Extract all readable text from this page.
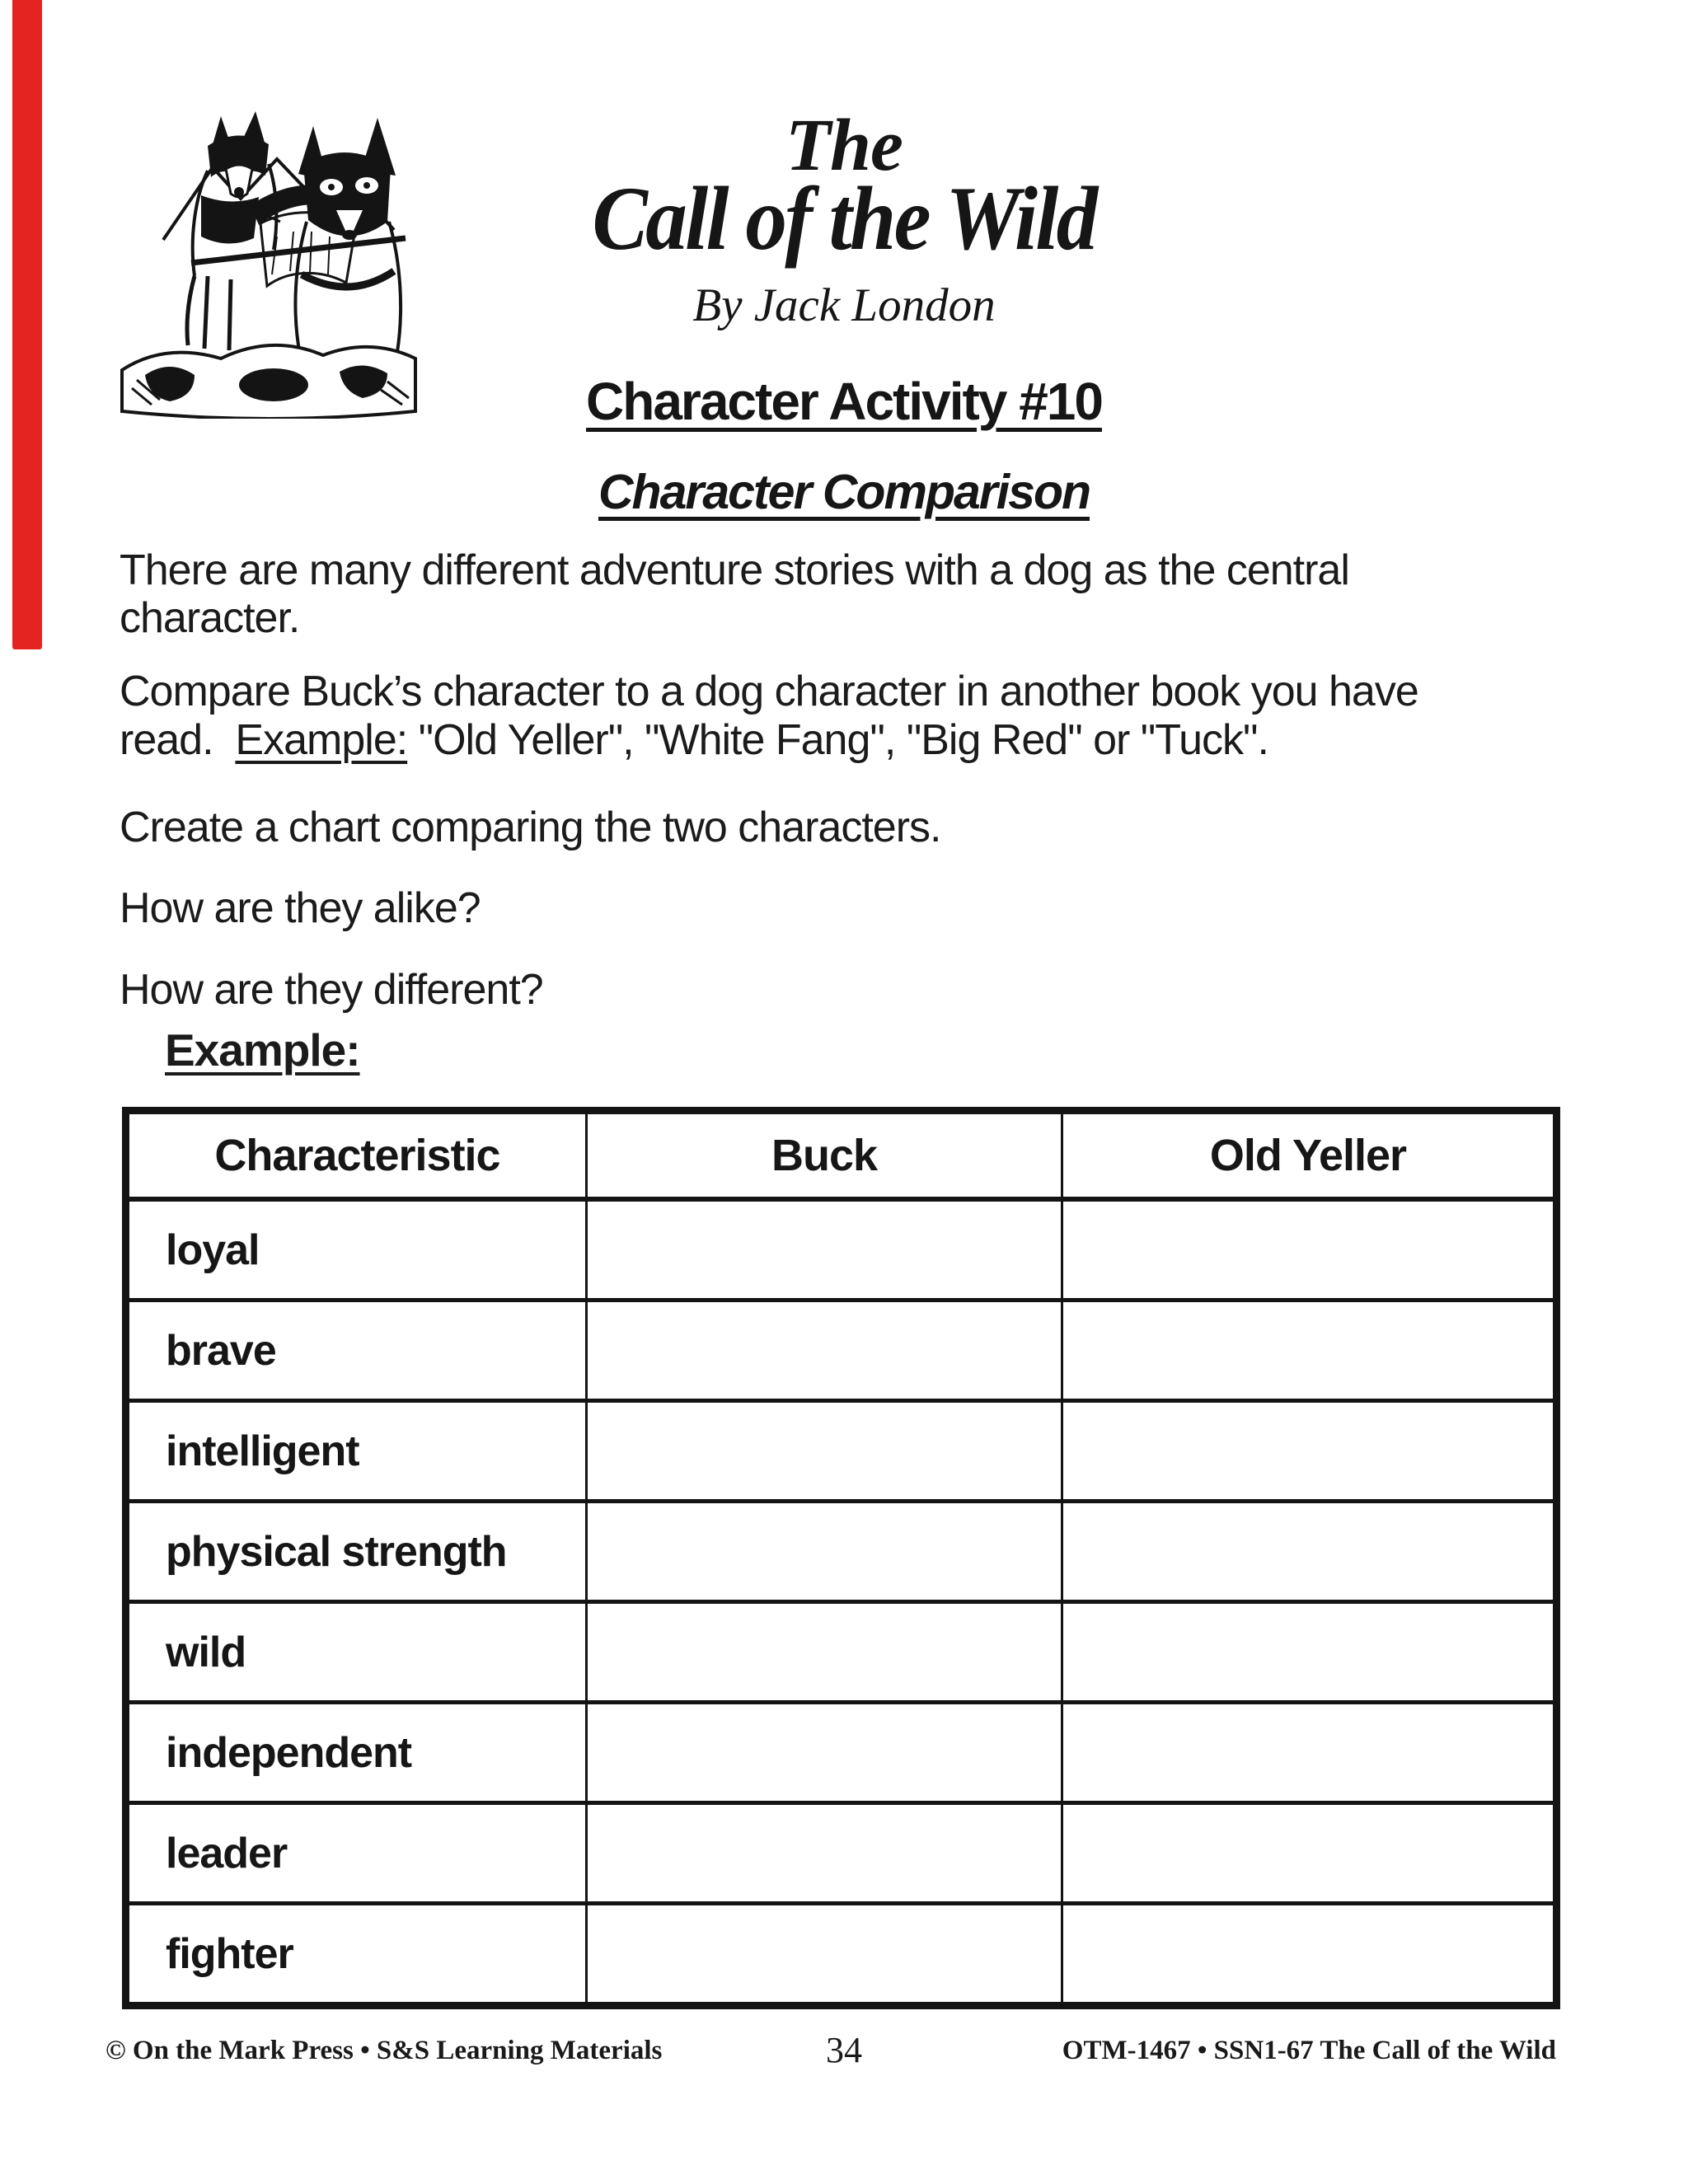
The
Call of the Wild
By Jack London
Character Activity #10
Character Comparison
There are many different adventure stories with a dog as the central
character.
Compare Buck’s character to a dog character in another book you have
read.  Example: "Old Yeller", "White Fang", "Big Red" or "Tuck".
Create a chart comparing the two characters.
How are they alike?
How are they different?
Example:
Characteristic	Buck	Old Yeller
loyal
brave
intelligent
physical strength
wild
independent
leader
fighter
34
© On the Mark Press • S&S Learning Materials	OTM-1467 • SSN1-67 The Call of the Wild
